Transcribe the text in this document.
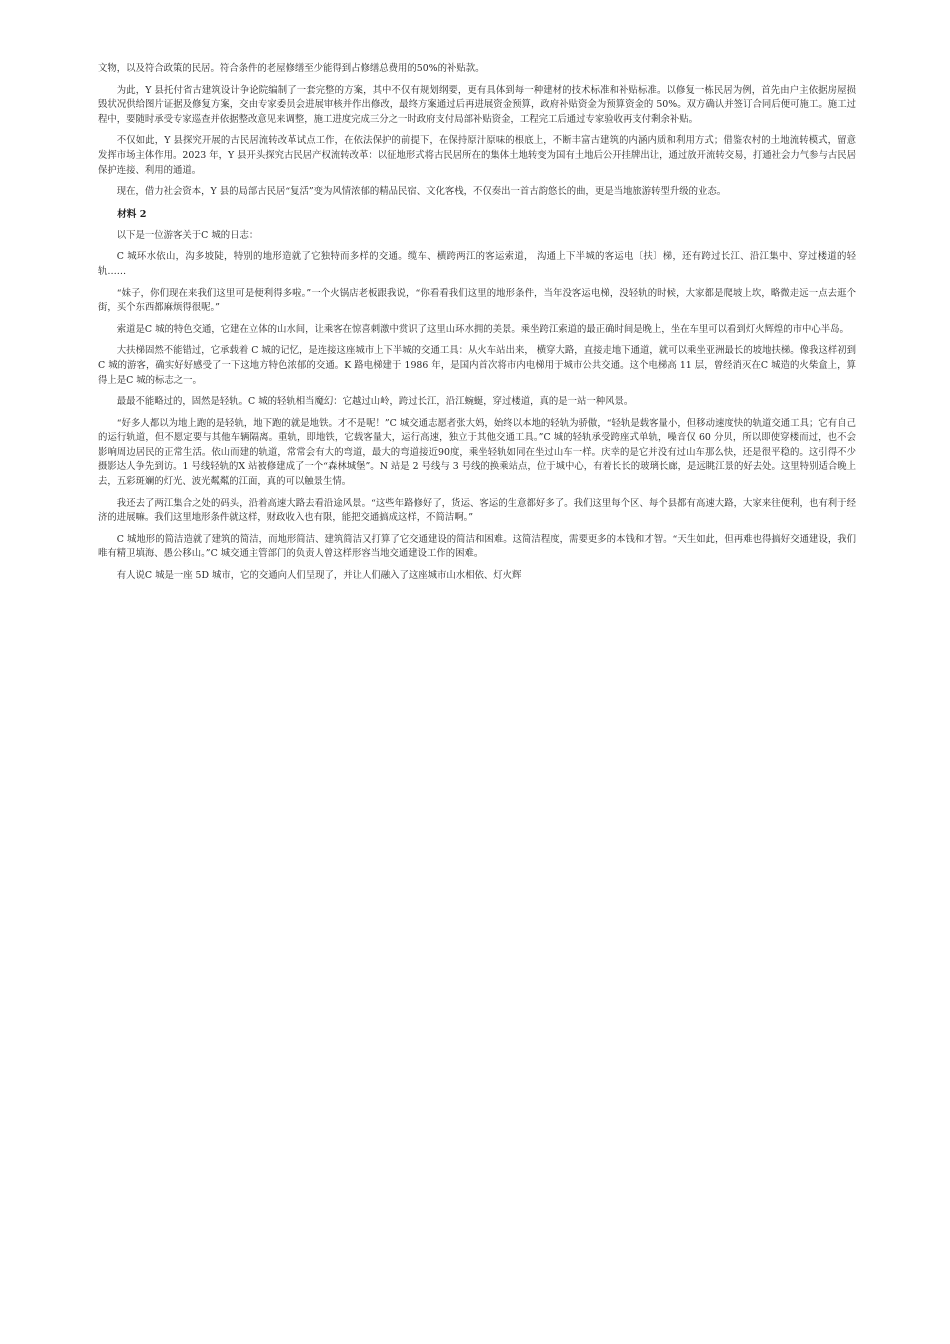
文物，以及符合政策的民居。符合条件的老屋修缮至少能得到占修缮总费用的50%的补贴款。

为此，Y 县托付省古建筑设计争论院编制了一套完整的方案，其中不仅有规划纲要，更有具体到每一种建材的技术标准和补贴标准。以修复一栋民居为例，首先由户主依据房屋损毁状况供给图片证据及修复方案，交由专家委员会进展审核并作出修改，最终方案通过后再进展资金预算，政府补贴资金为预算资金的 50%。双方确认并签订合同后便可施工。施工过程中，要随时承受专家巡查并依据整改意见来调整，施工进度完成三分之一时政府支付局部补贴资金，工程完工后通过专家验收再支付剩余补贴。

不仅如此，Y 县探究开展的古民居流转改革试点工作，在依法保护的前提下，在保持原汁原味的根底上，不断丰富古建筑的内涵内质和利用方式；借鉴农村的土地流转模式，留意发挥市场主体作用。2023 年，Y 县开头探究古民居产权流转改革：以征地形式将古民居所在的集体土地转变为国有土地后公开挂牌出让，通过放开流转交易，打通社会力气参与古民居保护连接、利用的通道。

现在，借力社会资本，Y 县的局部古民居“复活”变为风情浓郁的精品民宿、文化客栈，不仅奏出一首古韵悠长的曲，更是当地旅游转型升级的业态。

材料 2

以下是一位游客关于C 城的日志：

C 城环水依山，沟多坡陡，特别的地形造就了它独特而多样的交通。缆车、横跨两江的客运索道， 沟通上下半城的客运电〔扶〕梯，还有跨过长江、沿江集中、穿过楼道的轻轨……

“妹子，你们现在来我们这里可是便利得多啦。”一个火锅店老板跟我说，“你看看我们这里的地形条件，当年没客运电梯，没轻轨的时候，大家都是爬坡上坎，略微走远一点去逛个街，买个东西都麻烦得很呢。”

索道是C 城的特色交通，它建在立体的山水间，让乘客在惊喜刺激中赏识了这里山环水拥的美景。乘坐跨江索道的最正确时间是晚上，坐在车里可以看到灯火辉煌的市中心半岛。

大扶梯固然不能错过，它承载着 C 城的记忆，是连接这座城市上下半城的交通工具：从火车站出来， 横穿大路，直接走地下通道，就可以乘坐亚洲最长的坡地扶梯。像我这样初到C 城的游客，确实好好感受了一下这地方特色浓郁的交通。K 路电梯建于 1986 年，是国内首次将市内电梯用于城市公共交通。这个电梯高 11 层，曾经消灭在C 城造的火柴盒上，算得上是C 城的标志之一。

最最不能略过的，固然是轻轨。C 城的轻轨相当魔幻：它越过山岭，跨过长江，沿江蜿蜒，穿过楼道，真的是一站一种风景。

“好多人都以为地上跑的是轻轨，地下跑的就是地铁。才不是呢！”C 城交通志愿者张大妈，始终以本地的轻轨为骄傲，“轻轨是载客量小，但移动速度快的轨道交通工具；它有自己的运行轨道，但不愿定要与其他车辆隔离。重轨，即地铁，它载客量大，运行高速，独立于其他交通工具。”C 城的轻轨承受跨座式单轨，噪音仅 60 分贝，所以即使穿楼而过，也不会影响周边居民的正常生活。依山而建的轨道，常常会有大的弯道，最大的弯道接近90度，乘坐轻轨如同在坐过山车一样。庆幸的是它并没有过山车那么快，还是很平稳的。这引得不少摄影达人争先到访。1 号线轻轨的X 站被修建成了一个“森林城堡”。N 站是 2 号线与 3 号线的换乘站点，位于城中心，有着长长的玻璃长廊，是远眺江景的好去处。这里特别适合晚上去，五彩斑斓的灯光、波光粼粼的江面，真的可以触景生情。

我还去了两江集合之处的码头，沿着高速大路去看沿途风景。“这些年路修好了，货运、客运的生意都好多了。我们这里每个区、每个县都有高速大路，大家来往便利，也有利于经济的进展嘛。我们这里地形条件就这样，财政收入也有限，能把交通搞成这样，不简洁啊。”

C 城地形的简洁造就了建筑的简洁，而地形简洁、建筑简洁又打算了它交通建设的简洁和困难。这简洁程度，需要更多的本钱和才智。“天生如此，但再难也得搞好交通建设，我们唯有精卫填海、愚公移山。”C 城交通主管部门的负责人曾这样形容当地交通建设工作的困难。

有人说C 城是一座 5D 城市，它的交通向人们呈现了，并让人们融入了这座城市山水相依、灯火辉
